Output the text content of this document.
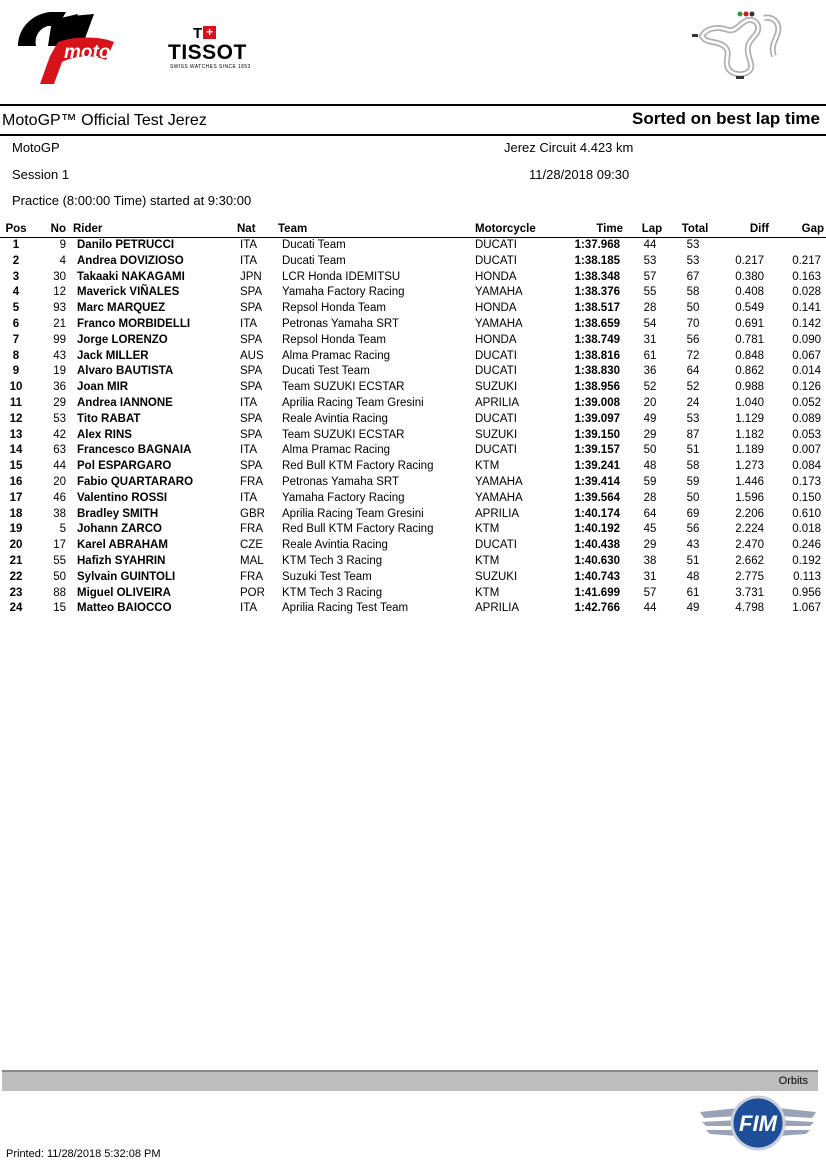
motoGP
T +
TISSOT
SWISS WATCHES SINCE 1853
MotoGP™ Official Test Jerez	Sorted on best lap time
MotoGP	Jerez Circuit 4.423 km
Session 1	11/28/2018 09:30
Practice (8:00:00 Time) started at 9:30:00
Pos	No Rider	Nat Team	Motorcycle	Time	Lap	Total	Diff	Gap
1	9 Danilo PETRUCCI	ITA Ducati Team	DUCATI	1:37.968	44	53
2	4 Andrea DOVIZIOSO	ITA Ducati Team	DUCATI	1:38.185	53	53	0.217	0.217
3	30 Takaaki NAKAGAMI	JPN LCR Honda IDEMITSU	HONDA	1:38.348	57	67	0.380	0.163
4	12 Maverick VIÑALES	SPA Yamaha Factory Racing	YAMAHA	1:38.376	55	58	0.408	0.028
5	93 Marc MARQUEZ	SPA Repsol Honda Team	HONDA	1:38.517	28	50	0.549	0.141
6	21 Franco MORBIDELLI	ITA Petronas Yamaha SRT	YAMAHA	1:38.659	54	70	0.691	0.142
7	99 Jorge LORENZO	SPA Repsol Honda Team	HONDA	1:38.749	31	56	0.781	0.090
8	43 Jack MILLER	AUS Alma Pramac Racing	DUCATI	1:38.816	61	72	0.848	0.067
9	19 Alvaro BAUTISTA	SPA Ducati Test Team	DUCATI	1:38.830	36	64	0.862	0.014
10	36 Joan MIR	SPA Team SUZUKI ECSTAR	SUZUKI	1:38.956	52	52	0.988	0.126
11	29 Andrea IANNONE	ITA Aprilia Racing Team Gresini	APRILIA	1:39.008	20	24	1.040	0.052
12	53 Tito RABAT	SPA Reale Avintia Racing	DUCATI	1:39.097	49	53	1.129	0.089
13	42 Alex RINS	SPA Team SUZUKI ECSTAR	SUZUKI	1:39.150	29	87	1.182	0.053
14	63 Francesco BAGNAIA	ITA Alma Pramac Racing	DUCATI	1:39.157	50	51	1.189	0.007
15	44 Pol ESPARGARO	SPA Red Bull KTM Factory Racing	KTM	1:39.241	48	58	1.273	0.084
16	20 Fabio QUARTARARO	FRA Petronas Yamaha SRT	YAMAHA	1:39.414	59	59	1.446	0.173
17	46 Valentino ROSSI	ITA Yamaha Factory Racing	YAMAHA	1:39.564	28	50	1.596	0.150
18	38 Bradley SMITH	GBR Aprilia Racing Team Gresini	APRILIA	1:40.174	64	69	2.206	0.610
19	5 Johann ZARCO	FRA Red Bull KTM Factory Racing	KTM	1:40.192	45	56	2.224	0.018
20	17 Karel ABRAHAM	CZE Reale Avintia Racing	DUCATI	1:40.438	29	43	2.470	0.246
21	55 Hafizh SYAHRIN	MAL KTM Tech 3 Racing	KTM	1:40.630	38	51	2.662	0.192
22	50 Sylvain GUINTOLI	FRA Suzuki Test Team	SUZUKI	1:40.743	31	48	2.775	0.113
23	88 Miguel OLIVEIRA	POR KTM Tech 3 Racing	KTM	1:41.699	57	61	3.731	0.956
24	15 Matteo BAIOCCO	ITA Aprilia Racing Test Team	APRILIA	1:42.766	44	49	4.798	1.067
Orbits
FIM
Printed: 11/28/2018 5:32:08 PM
